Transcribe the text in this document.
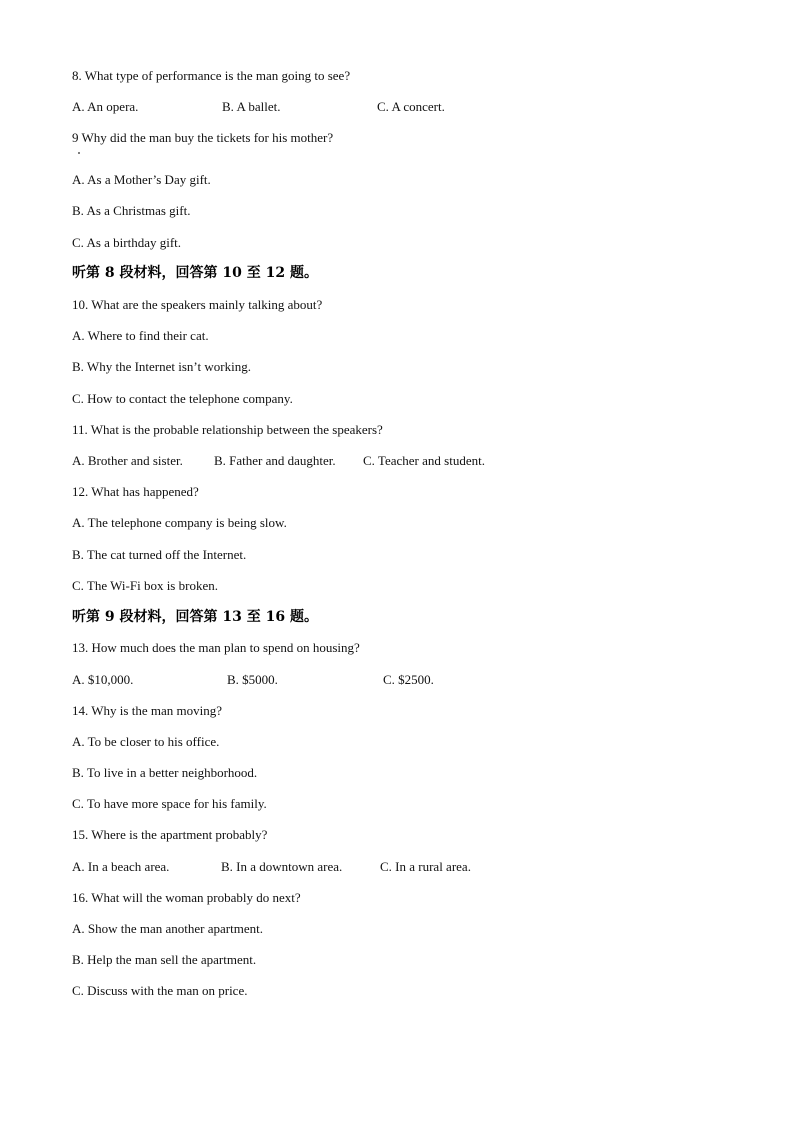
8. What type of performance is the man going to see?
A. An opera.	B. A ballet.	C. A concert.
9 Why did the man buy the tickets for his mother?
A. As a Mother’s Day gift.
B. As a Christmas gift.
C. As a birthday gift.
听第 8 段材料，回答第 10 至 12 题。
10. What are the speakers mainly talking about?
A. Where to find their cat.
B. Why the Internet isn’t working.
C. How to contact the telephone company.
11. What is the probable relationship between the speakers?
A. Brother and sister. B. Father and daughter. C. Teacher and student.
12. What has happened?
A. The telephone company is being slow.
B. The cat turned off the Internet.
C. The Wi-Fi box is broken.
听第 9 段材料，回答第 13 至 16 题。
13. How much does the man plan to spend on housing?
A. $10,000.	B. $5000.	C. $2500.
14. Why is the man moving?
A. To be closer to his office.
B. To live in a better neighborhood.
C. To have more space for his family.
15. Where is the apartment probably?
A. In a beach area.	B. In a downtown area.	C. In a rural area.
16. What will the woman probably do next?
A. Show the man another apartment.
B. Help the man sell the apartment.
C. Discuss with the man on price.
